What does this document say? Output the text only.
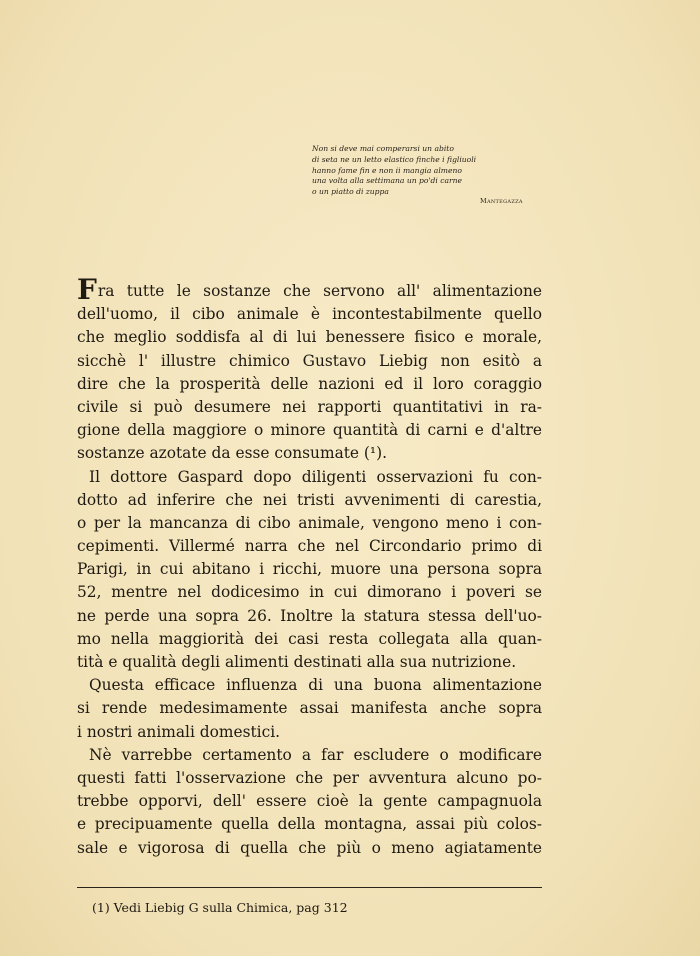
Non si deve mai comperarsi un abito
di seta ne un letto elastico finche i figliuoli
hanno fame fin e non ii mangia almeno
una volta alla settimana un po'di carne
o un piatto di zuppa
Mantegazza
Fra tutte le sostanze che servono all' alimentazione
dell'uomo, il cibo animale è incontestabilmente quello
che meglio soddisfa al di lui benessere fisico e morale,
sicchè l' illustre chimico Gustavo Liebig non esitò a
dire che la prosperità delle nazioni ed il loro coraggio
civile si può desumere nei rapporti quantitativi in ra-
gione della maggiore o minore quantità di carni e d'altre
sostanze azotate da esse consumate (¹).
Il dottore Gaspard dopo diligenti osservazioni fu con-
dotto ad inferire che nei tristi avvenimenti di carestia,
o per la mancanza di cibo animale, vengono meno i con-
cepimenti. Villermé narra che nel Circondario primo di
Parigi, in cui abitano i ricchi, muore una persona sopra
52, mentre nel dodicesimo in cui dimorano i poveri se
ne perde una sopra 26. Inoltre la statura stessa dell'uo-
mo nella maggiorità dei casi resta collegata alla quan-
tità e qualità degli alimenti destinati alla sua nutrizione.
Questa efficace influenza di una buona alimentazione
si rende medesimamente assai manifesta anche sopra
i nostri animali domestici.
Nè varrebbe certamento a far escludere o modificare
questi fatti l'osservazione che per avventura alcuno po-
trebbe opporvi, dell' essere cioè la gente campagnuola
e precipuamente quella della montagna, assai più colos-
sale e vigorosa di quella che più o meno agiatamente
(1) Vedi Liebig G sulla Chimica, pag 312
